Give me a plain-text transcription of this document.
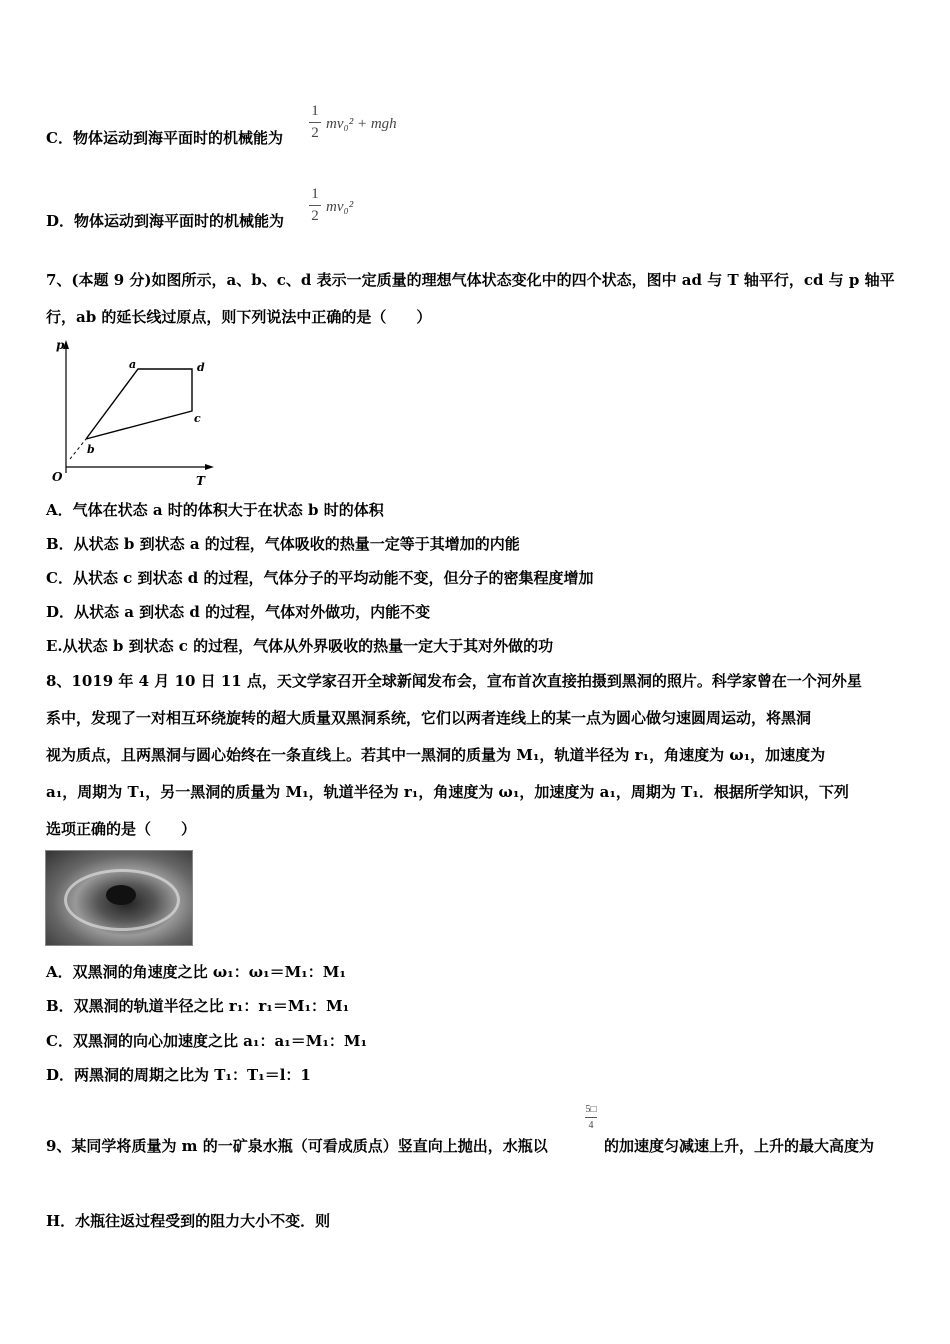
C．物体运动到海平面时的机械能为
1
2
mv₀² + mgh
D．物体运动到海平面时的机械能为
1
2
mv₀²
7、(本题 9 分)如图所示，a、b、c、d 表示一定质量的理想气体状态变化中的四个状态，图中 ad 与 T 轴平行，cd 与 p 轴平
行，ab 的延长线过原点，则下列说法中正确的是（　　）
p
a	d
c
b
O	T
A．气体在状态 a 时的体积大于在状态 b 时的体积
B．从状态 b 到状态 a 的过程，气体吸收的热量一定等于其增加的内能
C．从状态 c 到状态 d 的过程，气体分子的平均动能不变，但分子的密集程度增加
D．从状态 a 到状态 d 的过程，气体对外做功，内能不变
E.从状态 b 到状态 c 的过程，气体从外界吸收的热量一定大于其对外做的功
8、1019 年 4 月 10 日 11 点，天文学家召开全球新闻发布会，宣布首次直接拍摄到黑洞的照片。科学家曾在一个河外星
系中，发现了一对相互环绕旋转的超大质量双黑洞系统，它们以两者连线上的某一点为圆心做匀速圆周运动，将黑洞
视为质点，且两黑洞与圆心始终在一条直线上。若其中一黑洞的质量为 M₁，轨道半径为 r₁，角速度为 ω₁，加速度为
a₁，周期为 T₁，另一黑洞的质量为 M₁，轨道半径为 r₁，角速度为 ω₁，加速度为 a₁，周期为 T₁．根据所学知识，下列
选项正确的是（　　）
A．双黑洞的角速度之比 ω₁：ω₁＝M₁：M₁
B．双黑洞的轨道半径之比 r₁：r₁＝M₁：M₁
C．双黑洞的向心加速度之比 a₁：a₁＝M₁：M₁
D．两黑洞的周期之比为 T₁：T₁＝l：1
9、某同学将质量为 m 的一矿泉水瓶（可看成质点）竖直向上抛出，水瓶以
5□
4
的加速度匀减速上升，上升的最大高度为
H．水瓶往返过程受到的阻力大小不变．则
